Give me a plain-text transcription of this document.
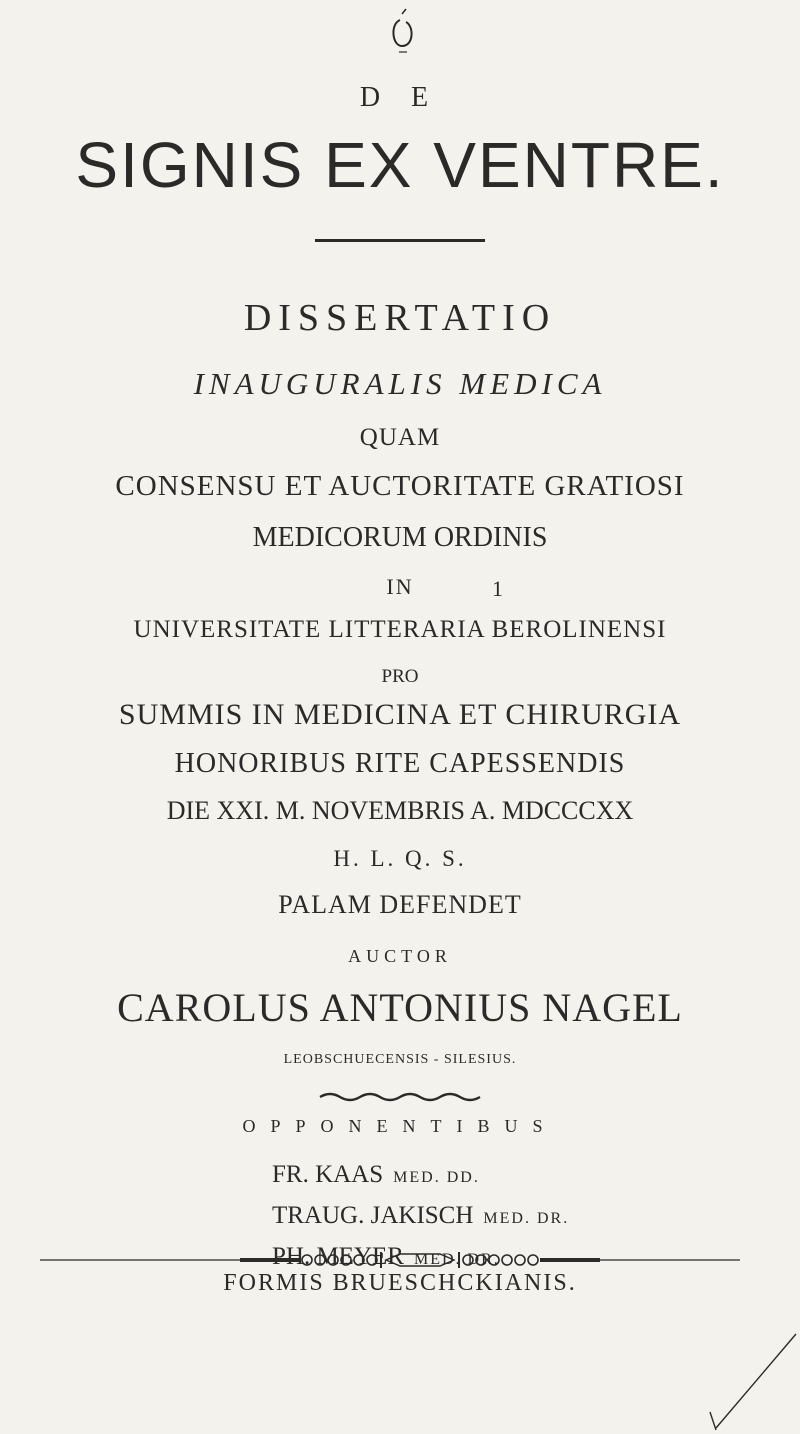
D E
SIGNIS EX VENTRE.
DISSERTATIO
INAUGURALIS MEDICA
QUAM
CONSENSU ET AUCTORITATE GRATIOSI
MEDICORUM ORDINIS
IN	1
UNIVERSITATE LITTERARIA BEROLINENSI
PRO
SUMMIS IN MEDICINA ET CHIRURGIA
HONORIBUS RITE CAPESSENDIS
DIE XXI. M. NOVEMBRIS A. MDCCCXX
H. L. Q. S.
PALAM DEFENDET
AUCTOR
CAROLUS ANTONIUS NAGEL
LEOBSCHUECENSIS - SILESIUS.
OPPONENTIBUS
FR. KAAS MED. DD.
TRAUG. JAKISCH MED. DR.
PH. MEYER MED. DR.
FORMIS BRUESCHCKIANIS.
